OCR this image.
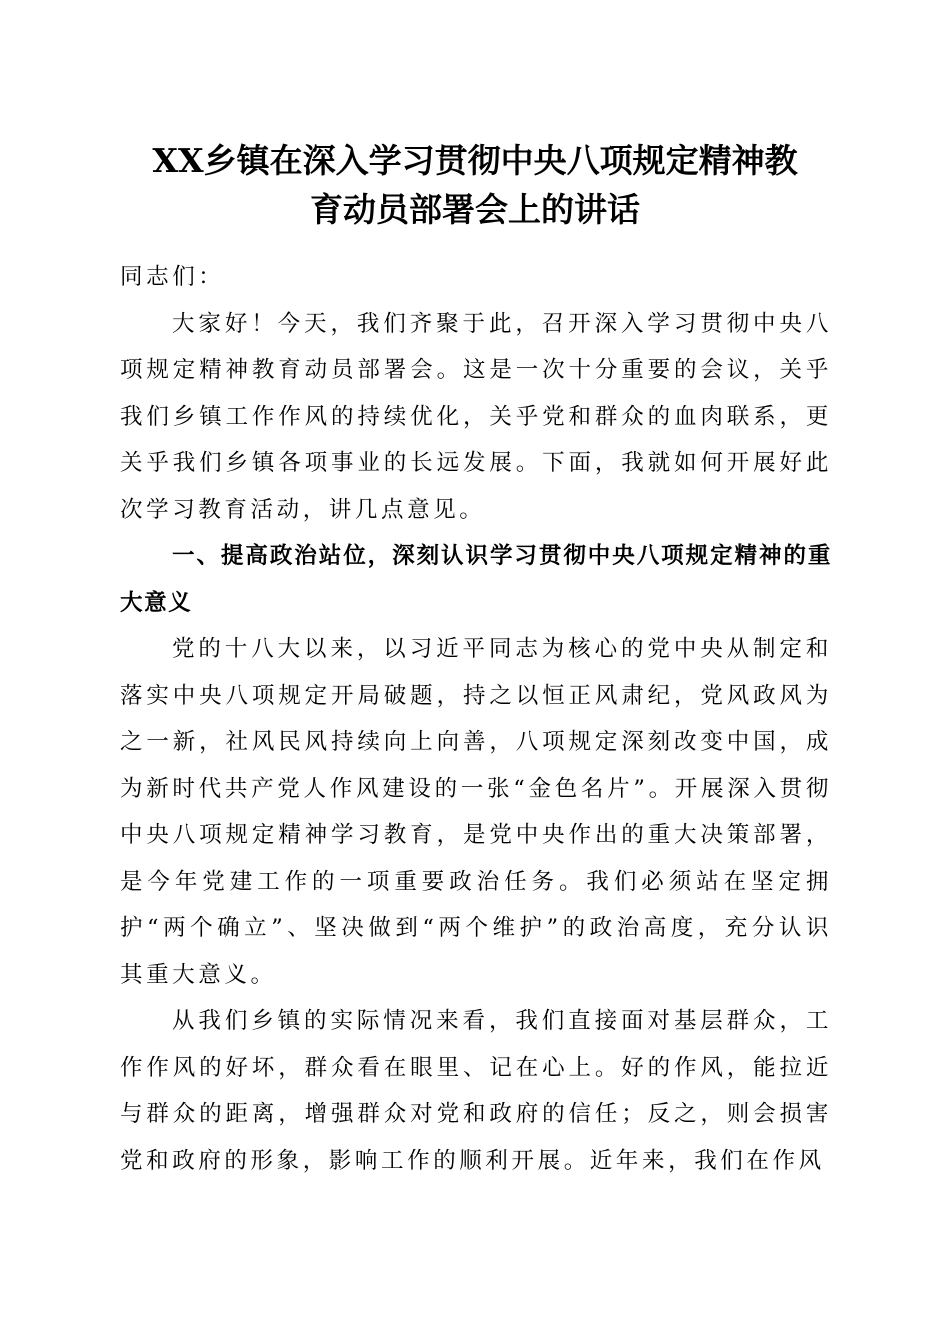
XX乡镇在深入学习贯彻中央八项规定精神教
育动员部署会上的讲话

同志们：

大家好！今天，我们齐聚于此，召开深入学习贯彻中央八项规定精神教育动员部署会。这是一次十分重要的会议，关乎我们乡镇工作作风的持续优化，关乎党和群众的血肉联系，更关乎我们乡镇各项事业的长远发展。下面，我就如何开展好此次学习教育活动，讲几点意见。

一、提高政治站位，深刻认识学习贯彻中央八项规定精神的重大意义

党的十八大以来，以习近平同志为核心的党中央从制定和落实中央八项规定开局破题，持之以恒正风肃纪，党风政风为之一新，社风民风持续向上向善，八项规定深刻改变中国，成为新时代共产党人作风建设的一张“金色名片”。开展深入贯彻中央八项规定精神学习教育，是党中央作出的重大决策部署，是今年党建工作的一项重要政治任务。我们必须站在坚定拥护“两个确立”、坚决做到“两个维护”的政治高度，充分认识其重大意义。

从我们乡镇的实际情况来看，我们直接面对基层群众，工作作风的好坏，群众看在眼里、记在心上。好的作风，能拉近与群众的距离，增强群众对党和政府的信任；反之，则会损害党和政府的形象，影响工作的顺利开展。近年来，我们在作风
